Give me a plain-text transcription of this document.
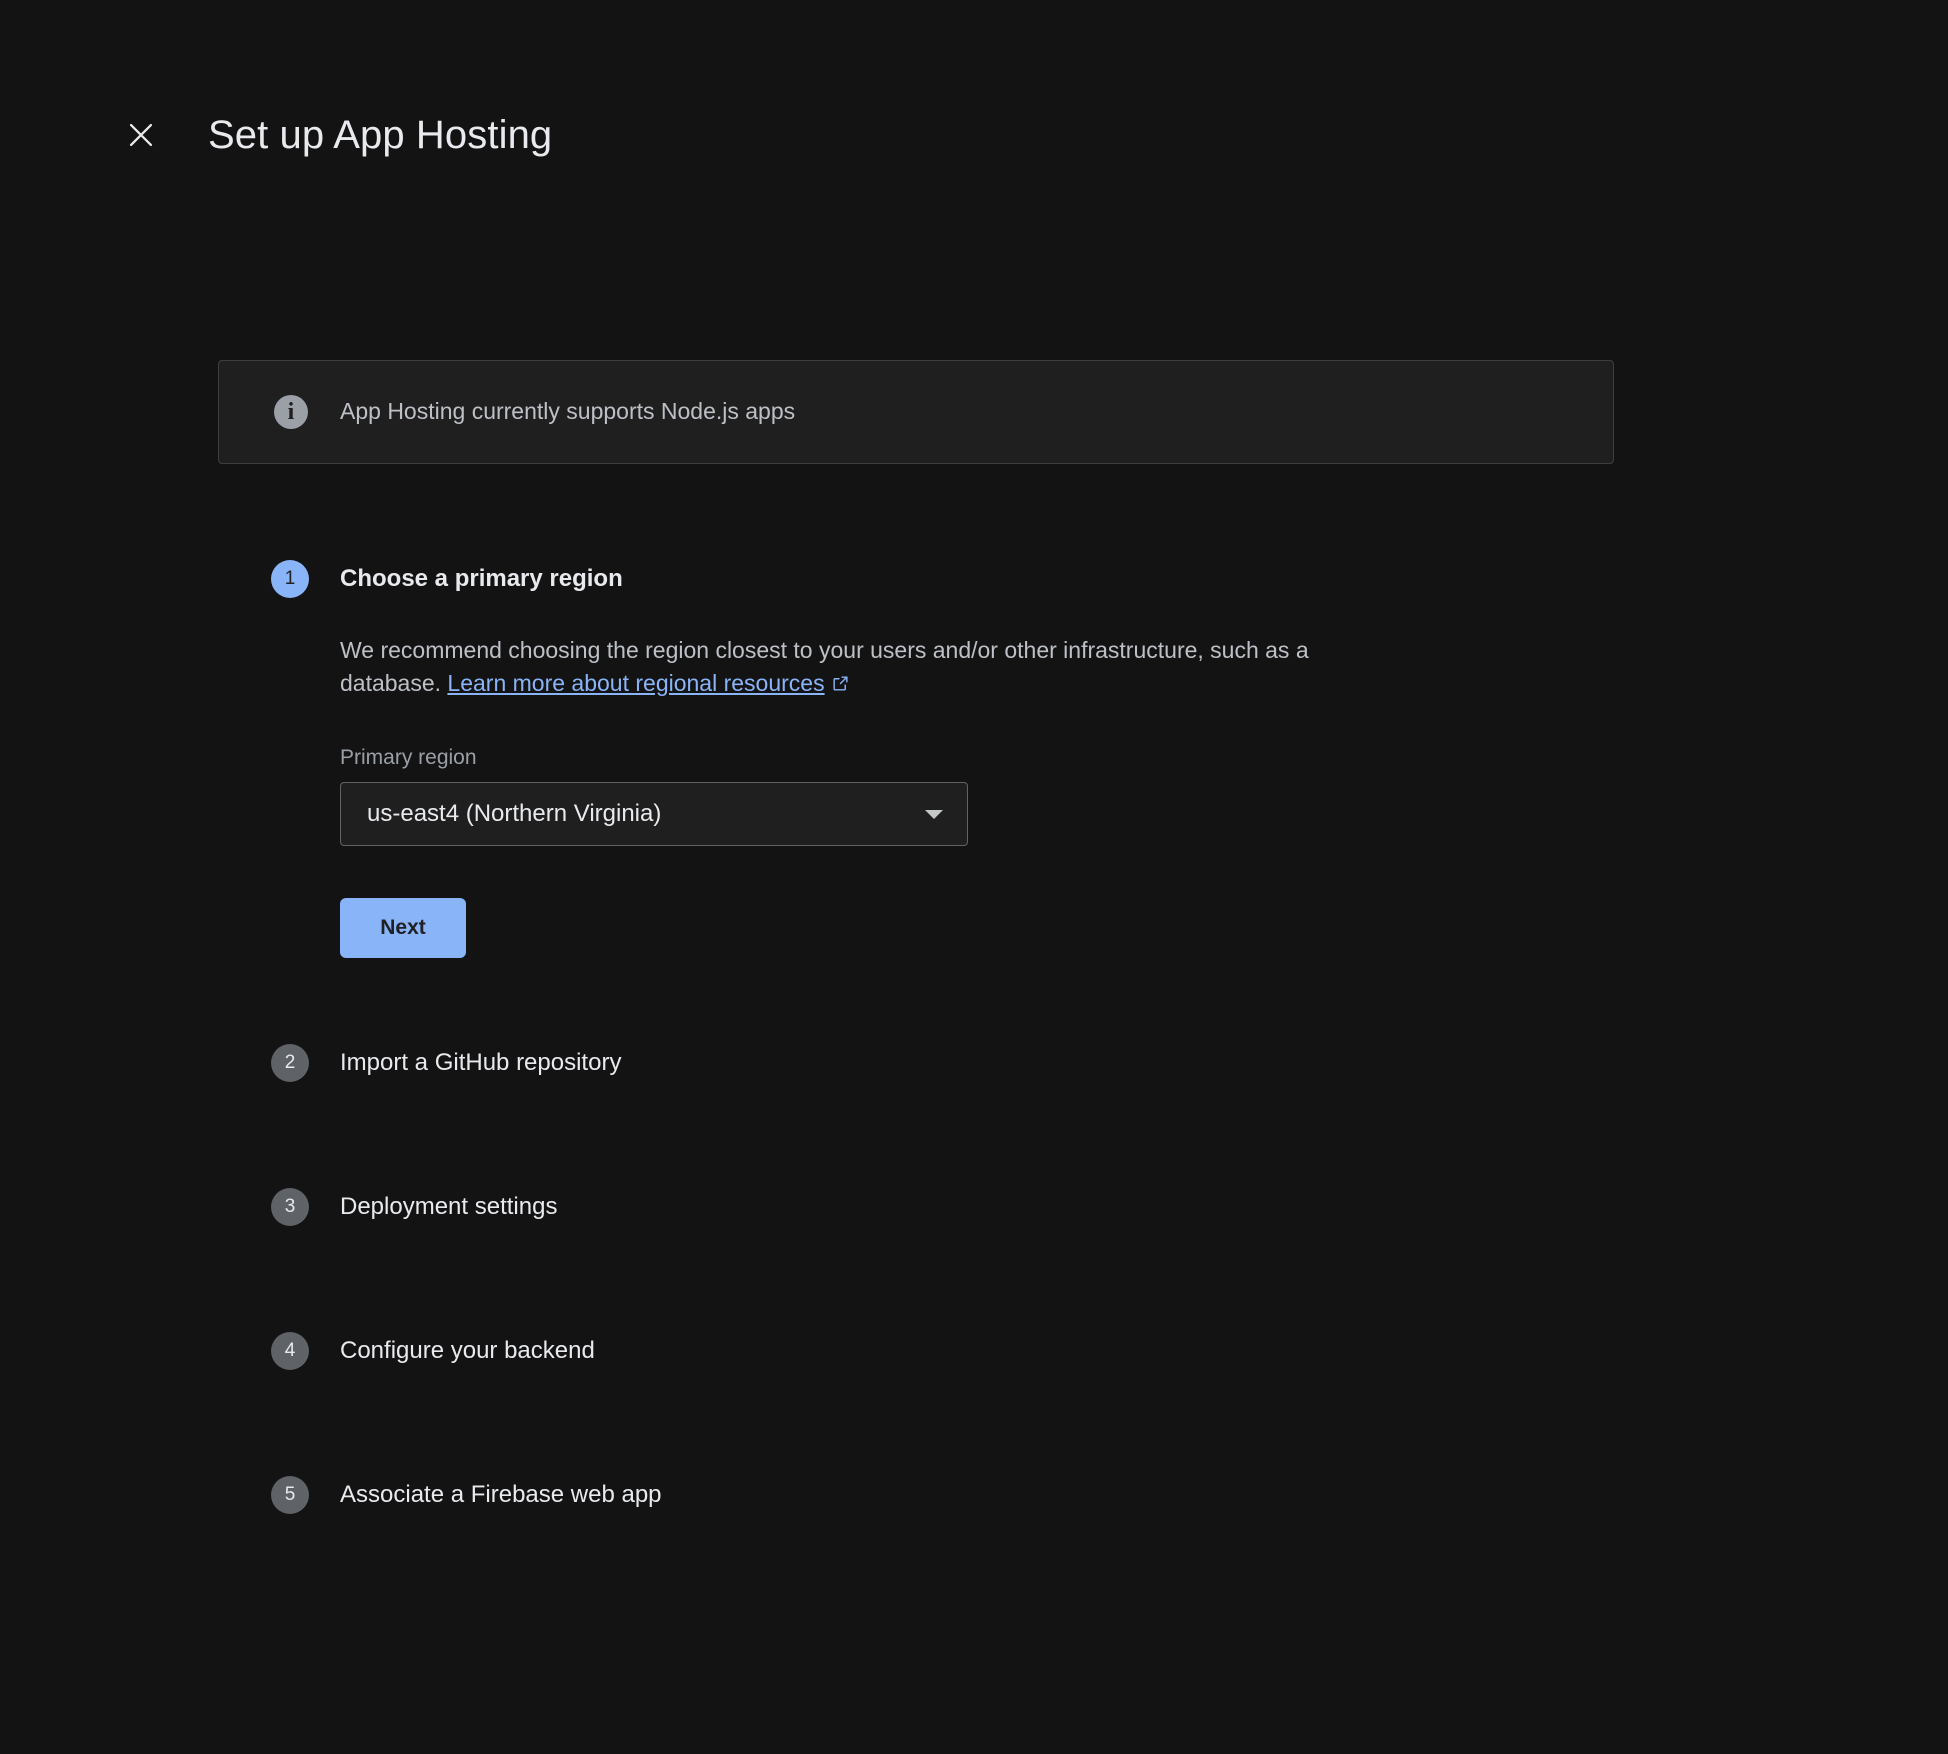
Set up App Hosting
i	App Hosting currently supports Node.js apps
1	Choose a primary region
We recommend choosing the region closest to your users and/or other infrastructure, such as a database. Learn more about regional resources
Primary region
us-east4 (Northern Virginia)
Next
2	Import a GitHub repository
3	Deployment settings
4	Configure your backend
5	Associate a Firebase web app
